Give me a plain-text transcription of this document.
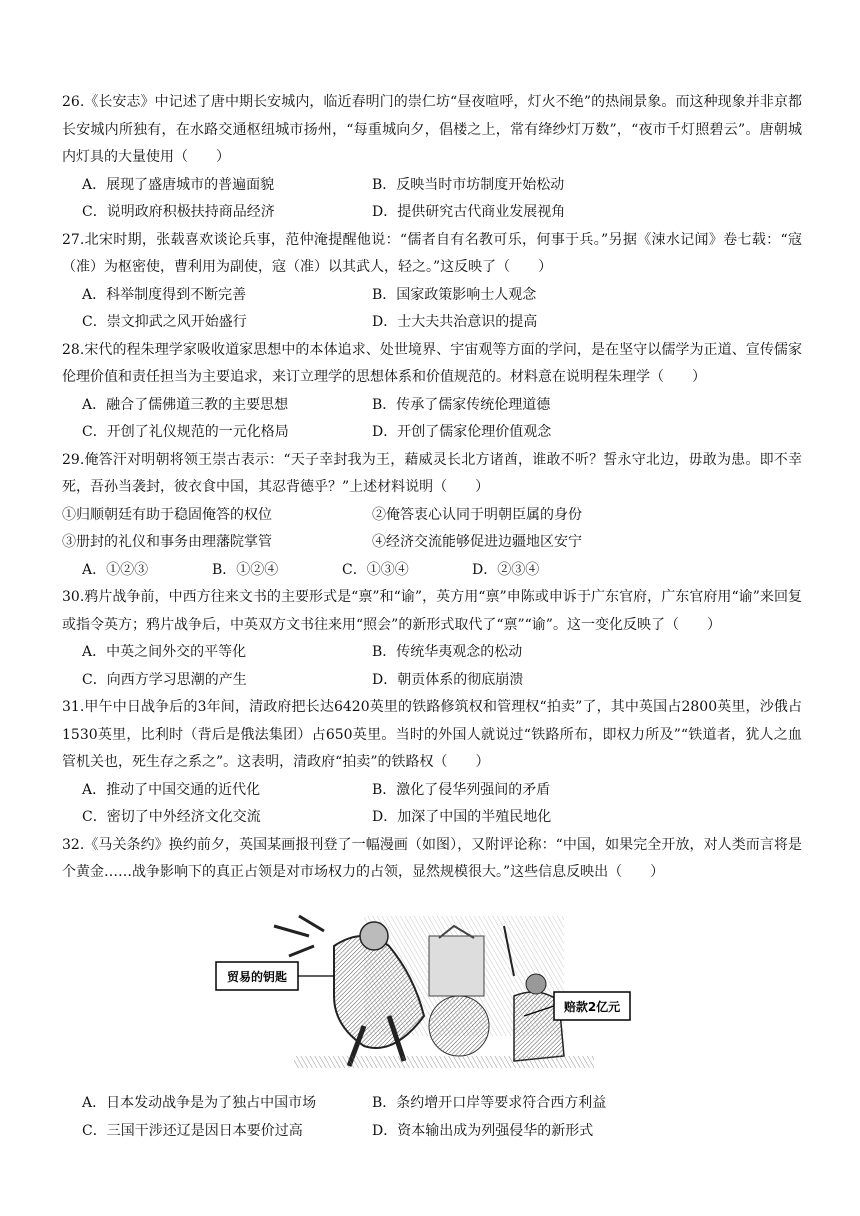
26.《长安志》中记述了唐中期长安城内，临近春明门的崇仁坊“昼夜喧呼，灯火不绝”的热闹景象。而这种现象并非京都长安城内所独有，在水路交通枢纽城市扬州，“每重城向夕，倡楼之上，常有绛纱灯万数”，“夜市千灯照碧云”。唐朝城内灯具的大量使用（　　）

A．展现了盛唐城市的普遍面貌	B．反映当时市坊制度开始松动
C．说明政府积极扶持商品经济	D．提供研究古代商业发展视角

27.北宋时期，张载喜欢谈论兵事，范仲淹提醒他说：“儒者自有名教可乐，何事于兵。”另据《涑水记闻》卷七载：“寇（准）为枢密使，曹利用为副使，寇（准）以其武人，轻之。”这反映了（　　）

A．科举制度得到不断完善	B．国家政策影响士人观念
C．崇文抑武之风开始盛行	D．士大夫共治意识的提高

28.宋代的程朱理学家吸收道家思想中的本体追求、处世境界、宇宙观等方面的学问，是在坚守以儒学为正道、宣传儒家伦理价值和责任担当为主要追求，来订立理学的思想体系和价值规范的。材料意在说明程朱理学（　　）

A．融合了儒佛道三教的主要思想	B．传承了儒家传统伦理道德
C．开创了礼仪规范的一元化格局	D．开创了儒家伦理价值观念

29.俺答汗对明朝将领王崇古表示：“天子幸封我为王，藉威灵长北方诸酋，谁敢不听？誓永守北边，毋敢为患。即不幸死，吾孙当袭封，彼衣食中国，其忍背德乎？”上述材料说明（　　）

①归顺朝廷有助于稳固俺答的权位	②俺答衷心认同于明朝臣属的身份
③册封的礼仪和事务由理藩院掌管	④经济交流能够促进边疆地区安宁
A．①②③	B．①②④	C．①③④	D．②③④

30.鸦片战争前，中西方往来文书的主要形式是“禀”和“谕”，英方用“禀”申陈或申诉于广东官府，广东官府用“谕”来回复或指令英方；鸦片战争后，中英双方文书往来用“照会”的新形式取代了“禀”“谕”。这一变化反映了（　　）

A．中英之间外交的平等化	B．传统华夷观念的松动
C．向西方学习思潮的产生	D．朝贡体系的彻底崩溃

31.甲午中日战争后的3年间，清政府把长达6420英里的铁路修筑权和管理权“拍卖”了，其中英国占2800英里，沙俄占1530英里，比利时（背后是俄法集团）占650英里。当时的外国人就说过“铁路所布，即权力所及”“铁道者，犹人之血管机关也，死生存之系之”。这表明，清政府“拍卖”的铁路权（　　）

A．推动了中国交通的近代化	B．激化了侵华列强间的矛盾
C．密切了中外经济文化交流	D．加深了中国的半殖民地化

32.《马关条约》换约前夕，英国某画报刊登了一幅漫画（如图），又附评论称：“中国，如果完全开放，对人类而言将是个黄金……战争影响下的真正占领是对市场权力的占领，显然规模很大。”这些信息反映出（　　）

贸易的钥匙
赔款2亿元
A．日本发动战争是为了独占中国市场	B．条约增开口岸等要求符合西方利益
C．三国干涉还辽是因日本要价过高	D．资本输出成为列强侵华的新形式
